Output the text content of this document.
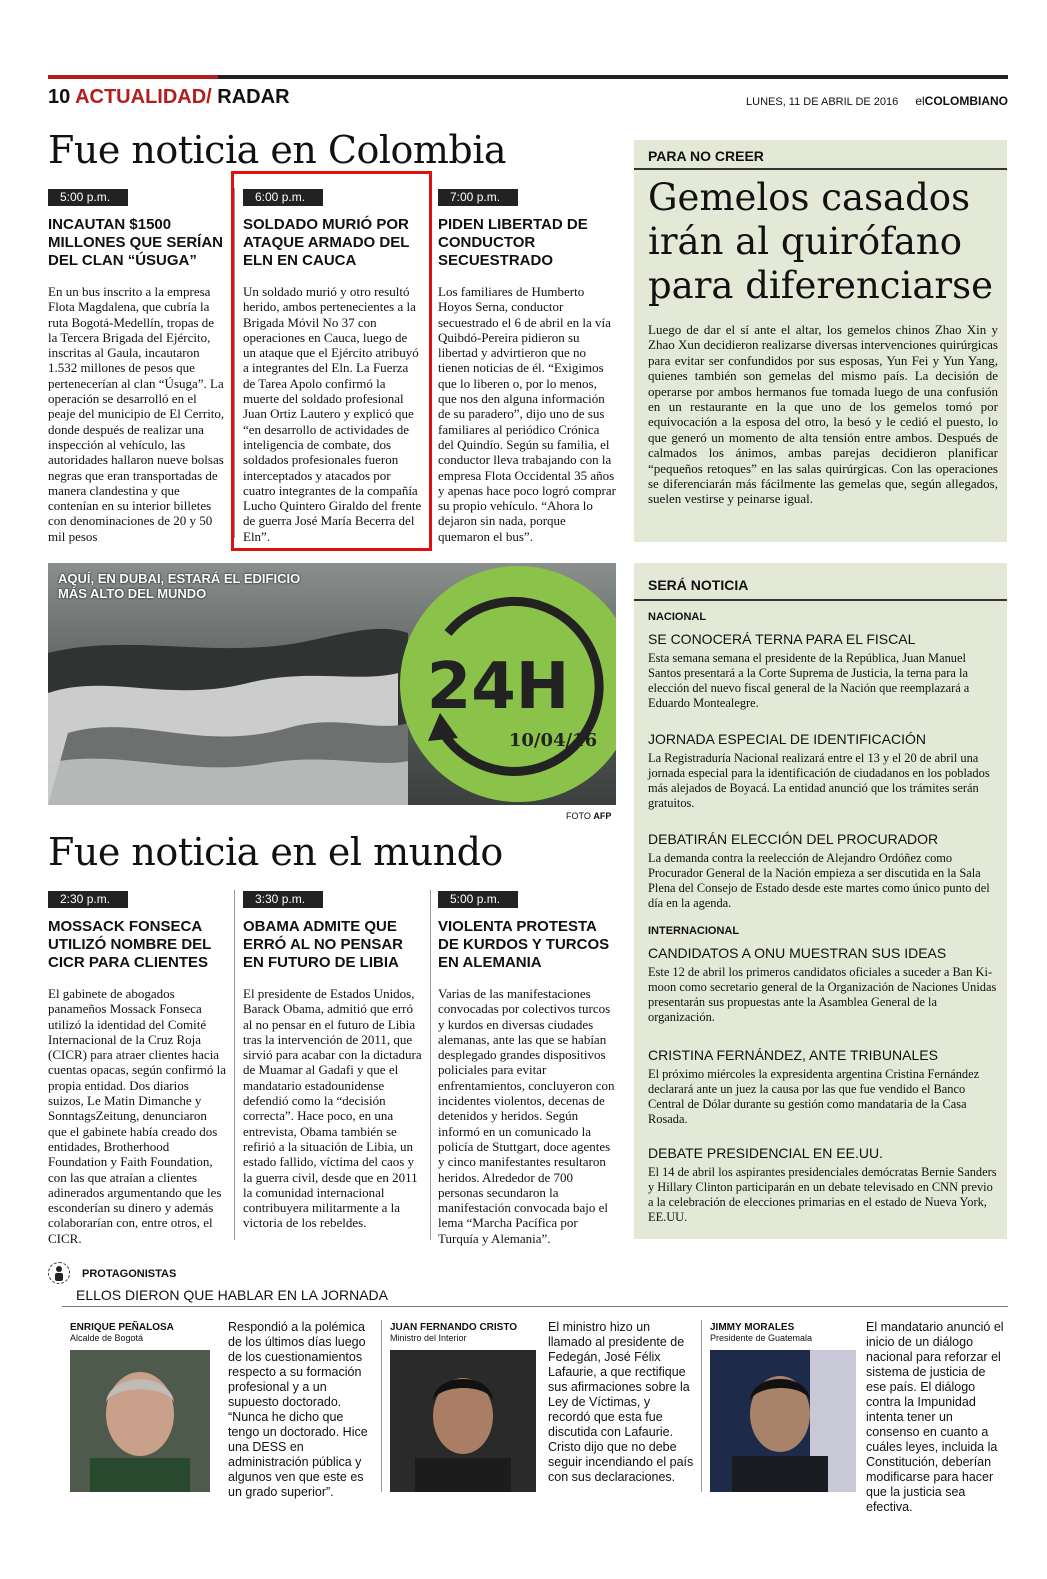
10 ACTUALIDAD/ RADAR	LUNES, 11 DE ABRIL DE 2016 elCOLOMBIANO
Fue noticia en Colombia
5:00 p.m.
INCAUTAN $1500 MILLONES QUE SERÍAN DEL CLAN “ÚSUGA”
En un bus inscrito a la empresa Flota Magdalena, que cubría la ruta Bogotá-Medellín, tropas de la Tercera Brigada del Ejército, inscritas al Gaula, incautaron 1.532 millones de pesos que pertenecerían al clan “Úsuga”. La operación se desarrolló en el peaje del municipio de El Cerrito, donde después de realizar una inspección al vehículo, las autoridades hallaron nueve bolsas negras que eran transportadas de manera clandestina y que contenían en su interior billetes con denominaciones de 20 y 50 mil pesos
6:00 p.m.
SOLDADO MURIÓ POR ATAQUE ARMADO DEL ELN EN CAUCA
Un soldado murió y otro resultó herido, ambos pertenecientes a la Brigada Móvil No 37 con operaciones en Cauca, luego de un ataque que el Ejército atribuyó a integrantes del Eln. La Fuerza de Tarea Apolo confirmó la muerte del soldado profesional Juan Ortiz Lautero y explicó que “en desarrollo de actividades de inteligencia de combate, dos soldados profesionales fueron interceptados y atacados por cuatro integrantes de la compañía Lucho Quintero Giraldo del frente de guerra José María Becerra del Eln”.
7:00 p.m.
PIDEN LIBERTAD DE CONDUCTOR SECUESTRADO
Los familiares de Humberto Hoyos Serna, conductor secuestrado el 6 de abril en la vía Quibdó-Pereira pidieron su libertad y advirtieron que no tienen noticias de él. “Exigimos que lo liberen o, por lo menos, que nos den alguna información de su paradero”, dijo uno de sus familiares al periódico Crónica del Quindío. Según su familia, el conductor lleva trabajando con la empresa Flota Occidental 35 años y apenas hace poco logró comprar su propio vehículo. “Ahora lo dejaron sin nada, porque quemaron el bus”.
PARA NO CREER
Gemelos casados irán al quirófano para diferenciarse
Luego de dar el sí ante el altar, los gemelos chinos Zhao Xin y Zhao Xun decidieron realizarse diversas intervenciones quirúrgicas para evitar ser confundidos por sus esposas, Yun Fei y Yun Yang, quienes también son gemelas del mismo país. La decisión de operarse por ambos hermanos fue tomada luego de una confusión en un restaurante en la que uno de los gemelos tomó por equivocación a la esposa del otro, la besó y le cedió el puesto, lo que generó un momento de alta tensión entre ambos. Después de calmados los ánimos, ambas parejas decidieron planificar “pequeños retoques” en las salas quirúrgicas. Con las operaciones se diferenciarán más fácilmente las gemelas que, según allegados, suelen vestirse y peinarse igual.
24H
10/04/16
AQUÍ, EN DUBAI, ESTARÁ EL EDIFICIO MÁS ALTO DEL MUNDO
FOTO AFP
SERÁ NOTICIA
NACIONAL
SE CONOCERÁ TERNA PARA EL FISCAL
Esta semana semana el presidente de la República, Juan Manuel Santos presentará a la Corte Suprema de Justicia, la terna para la elección del nuevo fiscal general de la Nación que reemplazará a Eduardo Montealegre.
JORNADA ESPECIAL DE IDENTIFICACIÓN
La Registraduría Nacional realizará entre el 13 y el 20 de abril una jornada especial para la identificación de ciudadanos en los poblados más alejados de Boyacá. La entidad anunció que los trámites serán gratuitos.
DEBATIRÁN ELECCIÓN DEL PROCURADOR
La demanda contra la reelección de Alejandro Ordóñez como Procurador General de la Nación empieza a ser discutida en la Sala Plena del Consejo de Estado desde este martes como único punto del día en la agenda.
INTERNACIONAL
CANDIDATOS A ONU MUESTRAN SUS IDEAS
Este 12 de abril los primeros candidatos oficiales a suceder a Ban Ki-moon como secretario general de la Organización de Naciones Unidas presentarán sus propuestas ante la Asamblea General de la organización.
CRISTINA FERNÁNDEZ, ANTE TRIBUNALES
El próximo miércoles la expresidenta argentina Cristina Fernández declarará ante un juez la causa por las que fue vendido el Banco Central de Dólar durante su gestión como mandataria de la Casa Rosada.
DEBATE PRESIDENCIAL EN EE.UU.
El 14 de abril los aspirantes presidenciales demócratas Bernie Sanders y Hillary Clinton participarán en un debate televisado en CNN previo a la celebración de elecciones primarias en el estado de Nueva York, EE.UU.
Fue noticia en el mundo
2:30 p.m.
MOSSACK FONSECA UTILIZÓ NOMBRE DEL CICR PARA CLIENTES
El gabinete de abogados panameños Mossack Fonseca utilizó la identidad del Comité Internacional de la Cruz Roja (CICR) para atraer clientes hacia cuentas opacas, según confirmó la propia entidad. Dos diarios suizos, Le Matin Dimanche y SonntagsZeitung, denunciaron que el gabinete había creado dos entidades, Brotherhood Foundation y Faith Foundation, con las que atraían a clientes adinerados argumentando que les esconderían su dinero y además colaborarían con, entre otros, el CICR.
3:30 p.m.
OBAMA ADMITE QUE ERRÓ AL NO PENSAR EN FUTURO DE LIBIA
El presidente de Estados Unidos, Barack Obama, admitió que erró al no pensar en el futuro de Libia tras la intervención de 2011, que sirvió para acabar con la dictadura de Muamar al Gadafi y que el mandatario estadounidense defendió como la “decisión correcta”. Hace poco, en una entrevista, Obama también se refirió a la situación de Libia, un estado fallido, víctima del caos y la guerra civil, desde que en 2011 la comunidad internacional contribuyera militarmente a la victoria de los rebeldes.
5:00 p.m.
VIOLENTA PROTESTA DE KURDOS Y TURCOS EN ALEMANIA
Varias de las manifestaciones convocadas por colectivos turcos y kurdos en diversas ciudades alemanas, ante las que se habían desplegado grandes dispositivos policiales para evitar enfrentamientos, concluyeron con incidentes violentos, decenas de detenidos y heridos. Según informó en un comunicado la policía de Stuttgart, doce agentes y cinco manifestantes resultaron heridos. Alrededor de 700 personas secundaron la manifestación convocada bajo el lema “Marcha Pacífica por Turquía y Alemania”.
PROTAGONISTAS
ELLOS DIERON QUE HABLAR EN LA JORNADA
ENRIQUE PEÑALOSA
Alcalde de Bogotá
Respondió a la polémica de los últimos días luego de los cuestionamientos respecto a su formación profesional y a un supuesto doctorado. “Nunca he dicho que tengo un doctorado. Hice una DESS en administración pública y algunos ven que este es un grado superior”.
JUAN FERNANDO CRISTO
Ministro del Interior
El ministro hizo un llamado al presidente de Fedegán, José Félix Lafaurie, a que rectifique sus afirmaciones sobre la Ley de Víctimas, y recordó que esta fue discutida con Lafaurie. Cristo dijo que no debe seguir incendiando el país con sus declaraciones.
JIMMY MORALES
Presidente de Guatemala
El mandatario anunció el inicio de un diálogo nacional para reforzar el sistema de justicia de ese país. El diálogo contra la Impunidad intenta tener un consenso en cuanto a cuáles leyes, incluida la Constitución, deberían modificarse para hacer que la justicia sea efectiva.
